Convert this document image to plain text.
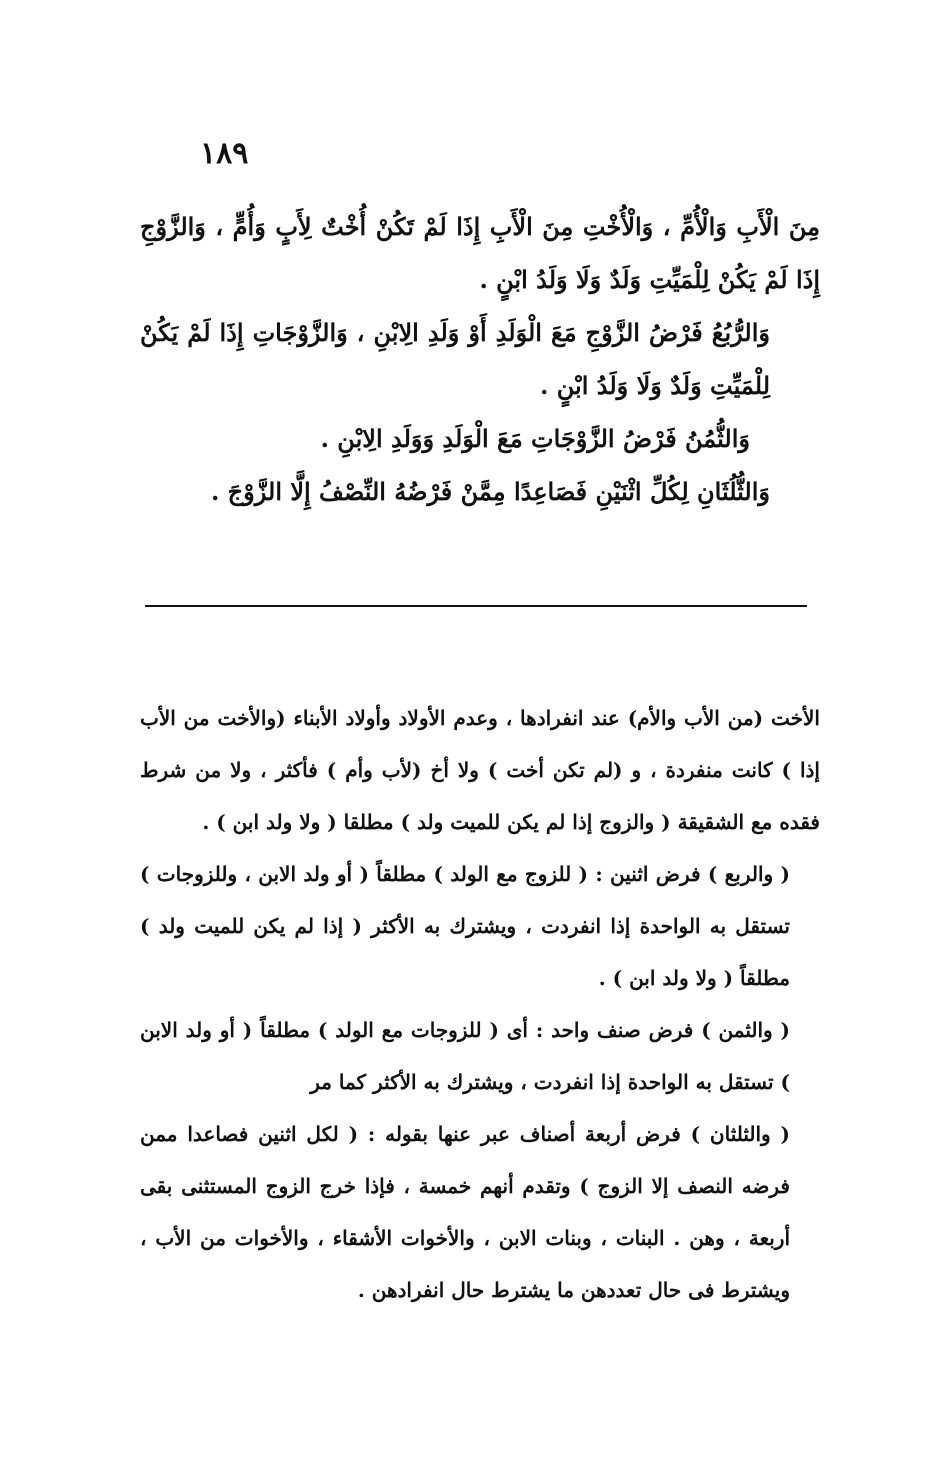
١٨٩

مِنَ الْأَبِ وَالْأُمِّ ، وَالْأُخْتِ مِنَ الْأَبِ إِذَا لَمْ تَكُنْ أُخْتٌ لِأَبٍ وَأُمٍّ ، وَالزَّوْجِ إِذَا لَمْ يَكُنْ لِلْمَيِّتِ وَلَدٌ وَلَا وَلَدُ ابْنٍ .

وَالرُّبُعُ فَرْضُ الزَّوْجِ مَعَ الْوَلَدِ أَوْ وَلَدِ الِابْنِ ، وَالزَّوْجَاتِ إِذَا لَمْ يَكُنْ لِلْمَيِّتِ وَلَدٌ وَلَا وَلَدُ ابْنٍ .

وَالثُّمُنُ فَرْضُ الزَّوْجَاتِ مَعَ الْوَلَدِ وَوَلَدِ الِابْنِ .

وَالثُّلُثَانِ لِكُلِّ اثْنَيْنِ فَصَاعِدًا مِمَّنْ فَرْضُهُ النِّصْفُ إِلَّا الزَّوْجَ .

الأخت (من الأب والأم) عند انفرادها ، وعدم الأولاد وأولاد الأبناء (والأخت من الأب إذا ) كانت منفردة ، و (لم تكن أخت ) ولا أخ (لأب وأم ) فأكثر ، ولا من شرط فقده مع الشقيقة ( والزوج إذا لم يكن للميت ولد ) مطلقا ( ولا ولد ابن ) .

( والربع ) فرض اثنين : ( للزوج مع الولد ) مطلقاً ( أو ولد الابن ، وللزوجات ) تستقل به الواحدة إذا انفردت ، ويشترك به الأكثر ( إذا لم يكن للميت ولد ) مطلقاً ( ولا ولد ابن ) .

( والثمن ) فرض صنف واحد : أى ( للزوجات مع الولد ) مطلقاً ( أو ولد الابن ) تستقل به الواحدة إذا انفردت ، ويشترك به الأكثر كما مر

( والثلثان ) فرض أربعة أصناف عبر عنها بقوله : ( لكل اثنين فصاعدا ممن فرضه النصف إلا الزوج ) وتقدم أنهم خمسة ، فإذا خرج الزوج المستثنى بقى أربعة ، وهن . البنات ، وبنات الابن ، والأخوات الأشقاء ، والأخوات من الأب ، ويشترط فى حال تعددهن ما يشترط حال انفرادهن .
